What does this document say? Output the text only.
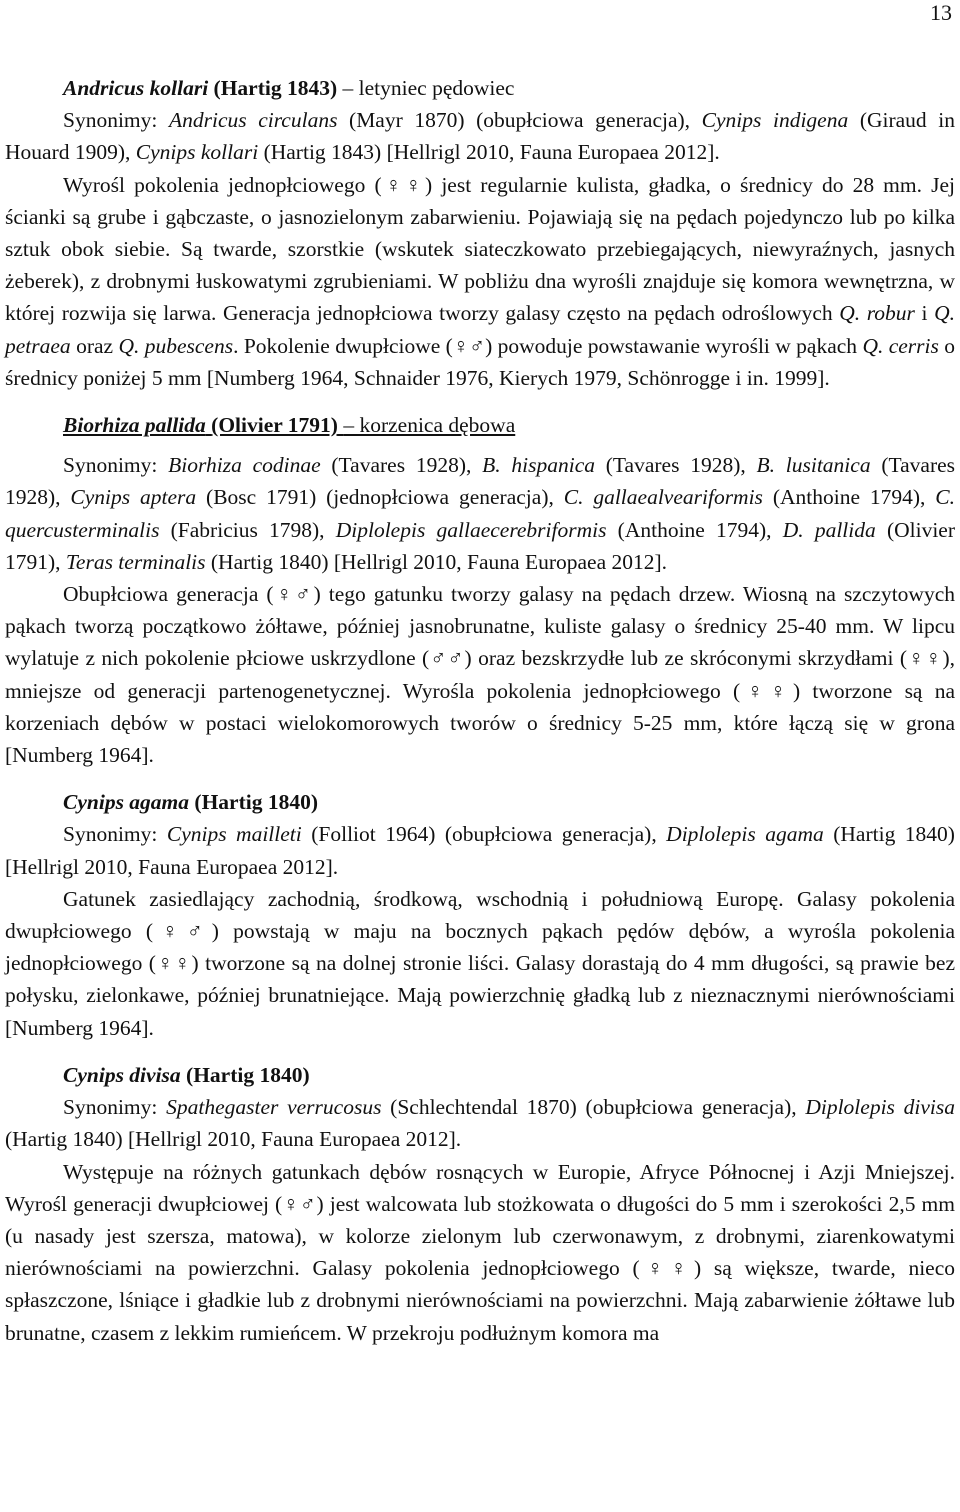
13

Andricus kollari (Hartig 1843) – letyniec pędowiec

Synonimy: Andricus circulans (Mayr 1870) (obupłciowa generacja), Cynips indigena (Giraud in Houard 1909), Cynips kollari (Hartig 1843) [Hellrigl 2010, Fauna Europaea 2012].

Wyrośl pokolenia jednopłciowego (♀♀) jest regularnie kulista, gładka, o średnicy do 28 mm. Jej ścianki są grube i gąbczaste, o jasnozielonym zabarwieniu. Pojawiają się na pędach pojedynczo lub po kilka sztuk obok siebie. Są twarde, szorstkie (wskutek siateczkowato przebiegających, niewyraźnych, jasnych żeberek), z drobnymi łuskowatymi zgrubieniami. W pobliżu dna wyrośli znajduje się komora wewnętrzna, w której rozwija się larwa. Generacja jednopłciowa tworzy galasy często na pędach odroślowych Q. robur i Q. petraea oraz Q. pubescens. Pokolenie dwupłciowe (♀♂) powoduje powstawanie wyrośli w pąkach Q. cerris o średnicy poniżej 5 mm [Numberg 1964, Schnaider 1976, Kierych 1979, Schönrogge i in. 1999].

Biorhiza pallida (Olivier 1791) – korzenica dębowa

Synonimy: Biorhiza codinae (Tavares 1928), B. hispanica (Tavares 1928), B. lusitanica (Tavares 1928), Cynips aptera (Bosc 1791) (jednopłciowa generacja), C. gallaealveariformis (Anthoine 1794), C. quercusterminalis (Fabricius 1798), Diplolepis gallaecerebriformis (Anthoine 1794), D. pallida (Olivier 1791), Teras terminalis (Hartig 1840) [Hellrigl 2010, Fauna Europaea 2012].

Obupłciowa generacja (♀♂) tego gatunku tworzy galasy na pędach drzew. Wiosną na szczytowych pąkach tworzą początkowo żółtawe, później jasnobrunatne, kuliste galasy o średnicy 25-40 mm. W lipcu wylatuje z nich pokolenie płciowe uskrzydlone (♂♂) oraz bezskrzydłe lub ze skróconymi skrzydłami (♀♀), mniejsze od generacji partenogenetycznej. Wyrośla pokolenia jednopłciowego (♀♀) tworzone są na korzeniach dębów w postaci wielokomorowych tworów o średnicy 5-25 mm, które łączą się w grona [Numberg 1964].

Cynips agama (Hartig 1840)

Synonimy: Cynips mailleti (Folliot 1964) (obupłciowa generacja), Diplolepis agama (Hartig 1840) [Hellrigl 2010, Fauna Europaea 2012].

Gatunek zasiedlający zachodnią, środkową, wschodnią i południową Europę. Galasy pokolenia dwupłciowego (♀♂) powstają w maju na bocznych pąkach pędów dębów, a wyrośla pokolenia jednopłciowego (♀♀) tworzone są na dolnej stronie liści. Galasy dorastają do 4 mm długości, są prawie bez połysku, zielonkawe, później brunatniejące. Mają powierzchnię gładką lub z nieznacznymi nierównościami [Numberg 1964].

Cynips divisa (Hartig 1840)

Synonimy: Spathegaster verrucosus (Schlechtendal 1870) (obupłciowa generacja), Diplolepis divisa (Hartig 1840) [Hellrigl 2010, Fauna Europaea 2012].

Występuje na różnych gatunkach dębów rosnących w Europie, Afryce Północnej i Azji Mniejszej. Wyrośl generacji dwupłciowej (♀♂) jest walcowata lub stożkowata o długości do 5 mm i szerokości 2,5 mm (u nasady jest szersza, matowa), w kolorze zielonym lub czerwonawym, z drobnymi, ziarenkowatymi nierównościami na powierzchni. Galasy pokolenia jednopłciowego (♀♀) są większe, twarde, nieco spłaszczone, lśniące i gładkie lub z drobnymi nierównościami na powierzchni. Mają zabarwienie żółtawe lub brunatne, czasem z lekkim rumieńcem. W przekroju podłużnym komora ma
